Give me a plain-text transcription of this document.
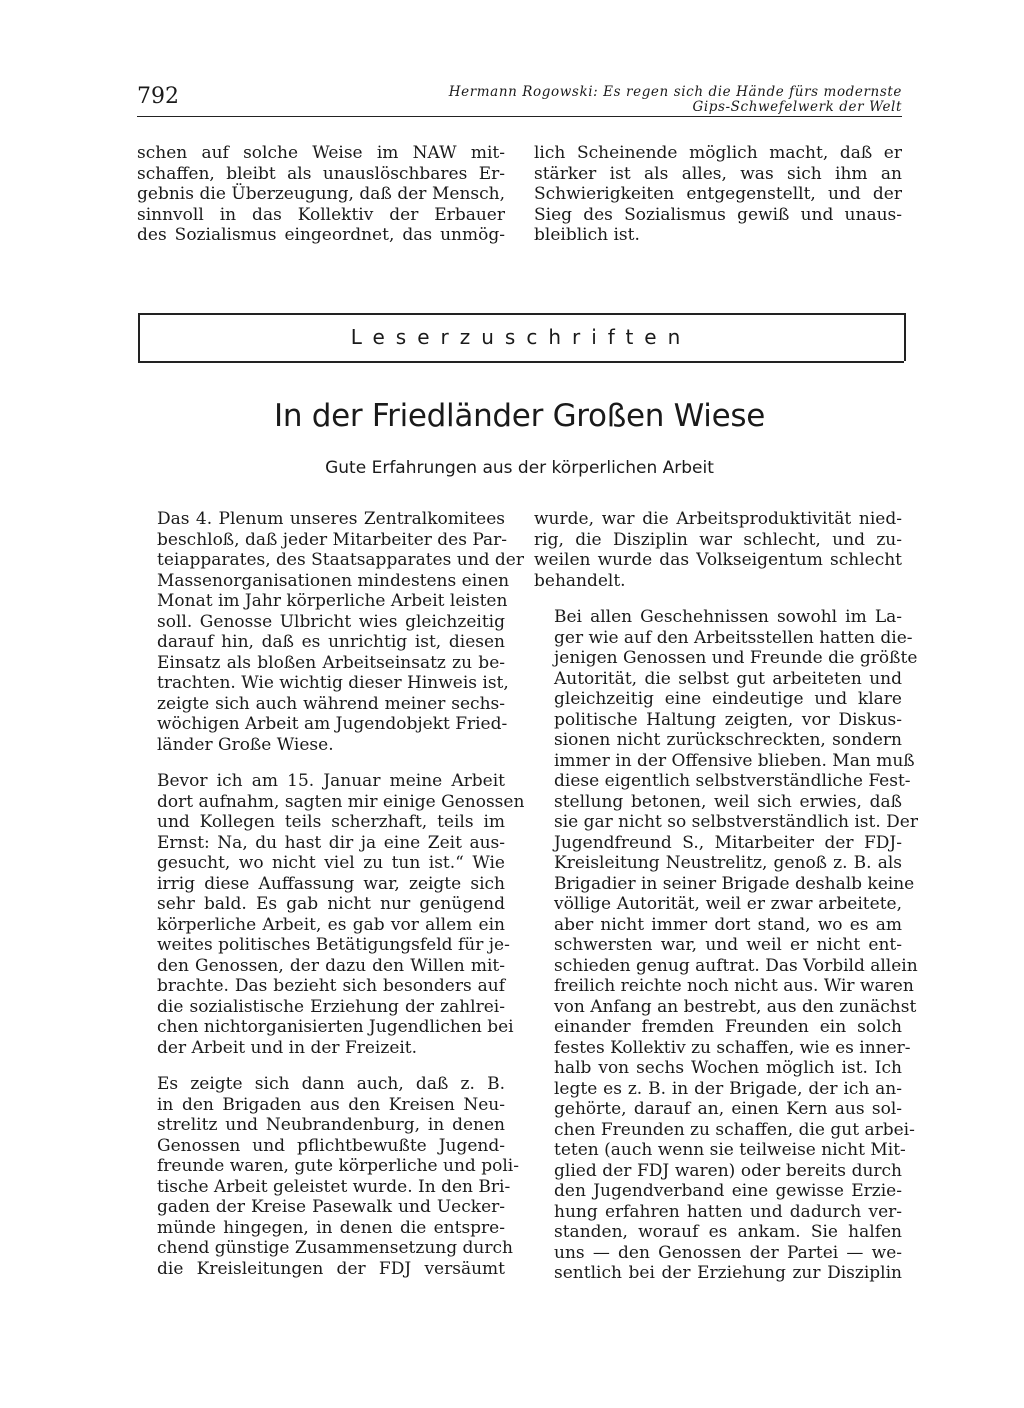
792	Hermann Rogowski: Es regen sich die Hände fürs modernste
Gips-Schwefelwerk der Welt

schen auf solche Weise im NAW mit-
schaffen, bleibt als unauslöschbares Er-
gebnis die Überzeugung, daß der Mensch,
sinnvoll in das Kollektiv der Erbauer
des Sozialismus eingeordnet, das unmög-

lich Scheinende möglich macht, daß er
stärker ist als alles, was sich ihm an
Schwierigkeiten entgegenstellt, und der
Sieg des Sozialismus gewiß und unaus-
bleiblich ist.

Leserzuschriften
In der Friedländer Großen Wiese
Gute Erfahrungen aus der körperlichen Arbeit

Das 4. Plenum unseres Zentralkomitees
beschloß, daß jeder Mitarbeiter des Par-
teiapparates, des Staatsapparates und der
Massenorganisationen mindestens einen
Monat im Jahr körperliche Arbeit leisten
soll. Genosse Ulbricht wies gleichzeitig
darauf hin, daß es unrichtig ist, diesen
Einsatz als bloßen Arbeitseinsatz zu be-
trachten. Wie wichtig dieser Hinweis ist,
zeigte sich auch während meiner sechs-
wöchigen Arbeit am Jugendobjekt Fried-
länder Große Wiese.

Bevor ich am 15. Januar meine Arbeit
dort aufnahm, sagten mir einige Genossen
und Kollegen teils scherzhaft, teils im
Ernst: Na, du hast dir ja eine Zeit aus-
gesucht, wo nicht viel zu tun ist.“ Wie
irrig diese Auffassung war, zeigte sich
sehr bald. Es gab nicht nur genügend
körperliche Arbeit, es gab vor allem ein
weites politisches Betätigungsfeld für je-
den Genossen, der dazu den Willen mit-
brachte. Das bezieht sich besonders auf
die sozialistische Erziehung der zahlrei-
chen nichtorganisierten Jugendlichen bei
der Arbeit und in der Freizeit.

Es zeigte sich dann auch, daß z. B.
in den Brigaden aus den Kreisen Neu-
strelitz und Neubrandenburg, in denen
Genossen und pflichtbewußte Jugend-
freunde waren, gute körperliche und poli-
tische Arbeit geleistet wurde. In den Bri-
gaden der Kreise Pasewalk und Uecker-
münde hingegen, in denen die entspre-
chend günstige Zusammensetzung durch
die Kreisleitungen der FDJ versäumt

wurde, war die Arbeitsproduktivität nied-
rig, die Disziplin war schlecht, und zu-
weilen wurde das Volkseigentum schlecht
behandelt.

Bei allen Geschehnissen sowohl im La-
ger wie auf den Arbeitsstellen hatten die-
jenigen Genossen und Freunde die größte
Autorität, die selbst gut arbeiteten und
gleichzeitig eine eindeutige und klare
politische Haltung zeigten, vor Diskus-
sionen nicht zurückschreckten, sondern
immer in der Offensive blieben. Man muß
diese eigentlich selbstverständliche Fest-
stellung betonen, weil sich erwies, daß
sie gar nicht so selbstverständlich ist. Der
Jugendfreund S., Mitarbeiter der FDJ-
Kreisleitung Neustrelitz, genoß z. B. als
Brigadier in seiner Brigade deshalb keine
völlige Autorität, weil er zwar arbeitete,
aber nicht immer dort stand, wo es am
schwersten war, und weil er nicht ent-
schieden genug auftrat. Das Vorbild allein
freilich reichte noch nicht aus. Wir waren
von Anfang an bestrebt, aus den zunächst
einander fremden Freunden ein solch
festes Kollektiv zu schaffen, wie es inner-
halb von sechs Wochen möglich ist. Ich
legte es z. B. in der Brigade, der ich an-
gehörte, darauf an, einen Kern aus sol-
chen Freunden zu schaffen, die gut arbei-
teten (auch wenn sie teilweise nicht Mit-
glied der FDJ waren) oder bereits durch
den Jugendverband eine gewisse Erzie-
hung erfahren hatten und dadurch ver-
standen, worauf es ankam. Sie halfen
uns — den Genossen der Partei — we-
sentlich bei der Erziehung zur Disziplin
